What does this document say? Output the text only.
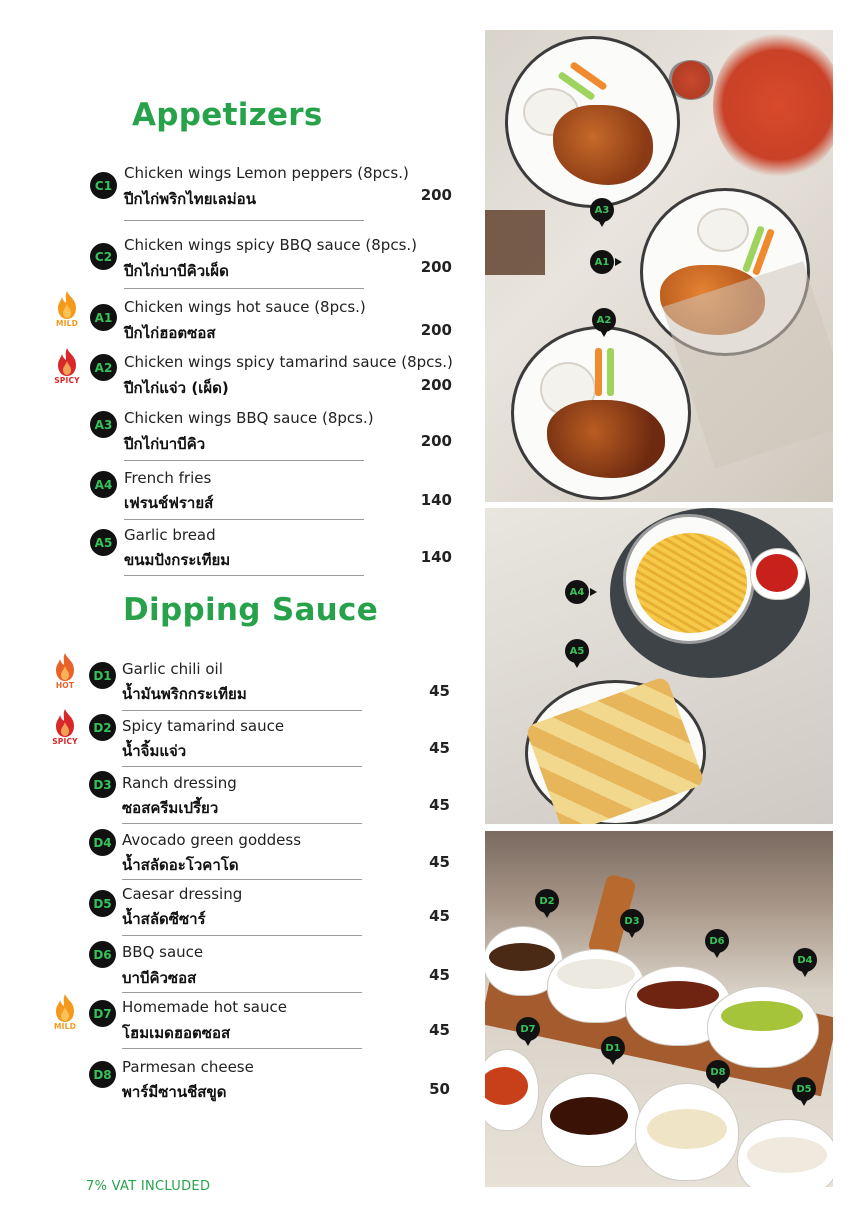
Appetizers
Dipping Sauce
C1
Chicken wings Lemon peppers (8pcs.)
ปีกไก่พริกไทยเลม่อน	200
C2
Chicken wings spicy BBQ sauce (8pcs.)
ปีกไก่บาบีคิวเผ็ด	200
A1
Chicken wings hot sauce (8pcs.)
ปีกไก่ฮอตซอส	200
MILD
A2 Chicken wings spicy tamarind sauce (8pcs.)
ปีกไก่แจ่ว (เผ็ด)	200
SPICY
A3 Chicken wings BBQ sauce (8pcs.)
ปีกไก่บาบีคิว	200
A4 French fries
เฟรนช์ฟรายส์	140
A5 Garlic bread
ขนมปังกระเทียม	140
D1 Garlic chili oil
น้ำมันพริกกระเทียม	45
HOT
D2 Spicy tamarind sauce
น้ำจิ้มแจ่ว	45
SPICY
D3 Ranch dressing
ซอสครีมเปรี้ยว	45
D4 Avocado green goddess
น้ำสลัดอะโวคาโด	45
D5
Caesar dressing
น้ำสลัดซีซาร์	45
D6 BBQ sauce
บาบีคิวซอส	45
D7 Homemade hot sauce
โฮมเมดฮอตซอส	45
MILD
D8 Parmesan cheese
พาร์มีซานชีสขูด	50
A3
A1
A2
A4
A5
D2
D3
D6
D4
D7
D1
D8
D5
7% VAT INCLUDED
